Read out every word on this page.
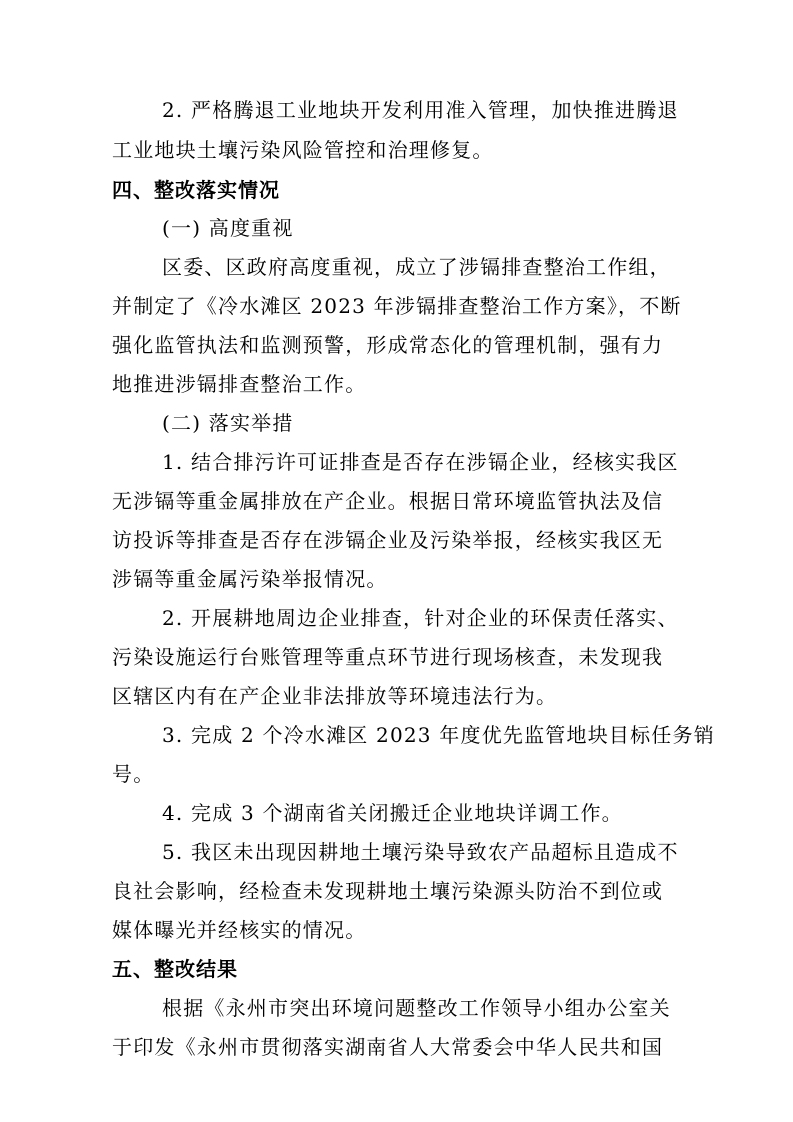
2. 严格腾退工业地块开发利用准入管理，加快推进腾退
工业地块土壤污染风险管控和治理修复。
四、整改落实情况
(一) 高度重视
区委、区政府高度重视，成立了涉镉排查整治工作组，
并制定了《冷水滩区 2023 年涉镉排查整治工作方案》，不断
强化监管执法和监测预警，形成常态化的管理机制，强有力
地推进涉镉排查整治工作。
(二) 落实举措
1. 结合排污许可证排查是否存在涉镉企业，经核实我区
无涉镉等重金属排放在产企业。根据日常环境监管执法及信
访投诉等排查是否存在涉镉企业及污染举报，经核实我区无
涉镉等重金属污染举报情况。
2. 开展耕地周边企业排查，针对企业的环保责任落实、
污染设施运行台账管理等重点环节进行现场核查，未发现我
区辖区内有在产企业非法排放等环境违法行为。
3. 完成 2 个冷水滩区 2023 年度优先监管地块目标任务销
号。
4. 完成 3 个湖南省关闭搬迁企业地块详调工作。
5. 我区未出现因耕地土壤污染导致农产品超标且造成不
良社会影响，经检查未发现耕地土壤污染源头防治不到位或
媒体曝光并经核实的情况。
五、整改结果
根据《永州市突出环境问题整改工作领导小组办公室关
于印发《永州市贯彻落实湖南省人大常委会中华人民共和国
